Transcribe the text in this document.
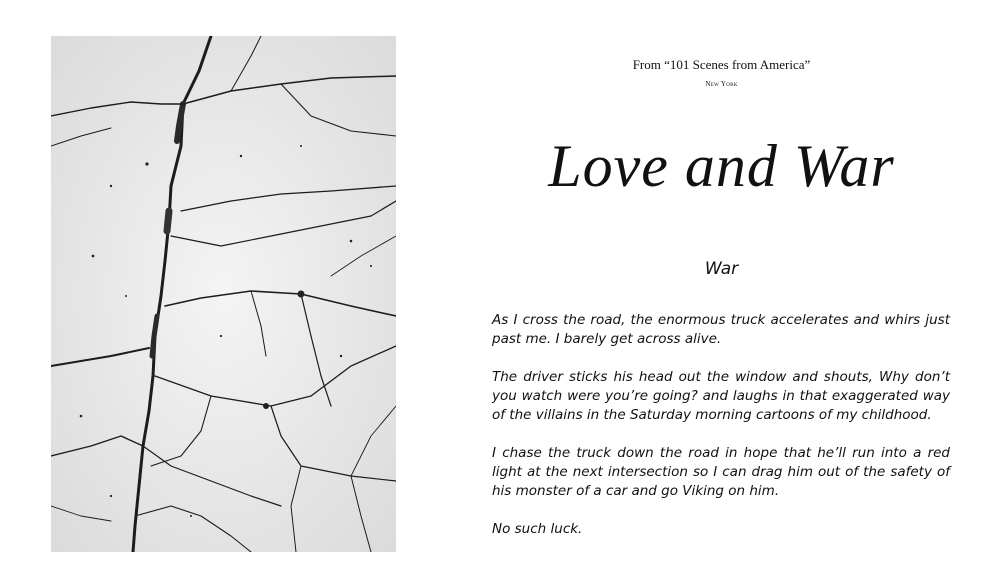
From “101 Scenes from America”
New York
Love and War
War

As I cross the road, the enormous truck accelerates and whirs just past me. I barely get across alive.

The driver sticks his head out the window and shouts, Why don’t you watch were you’re going? and laughs in that exaggerated way of the villains in the Saturday morning cartoons of my childhood.

I chase the truck down the road in hope that he’ll run into a red light at the next intersection so I can drag him out of the safety of his monster of a car and go Viking on him.

No such luck.
